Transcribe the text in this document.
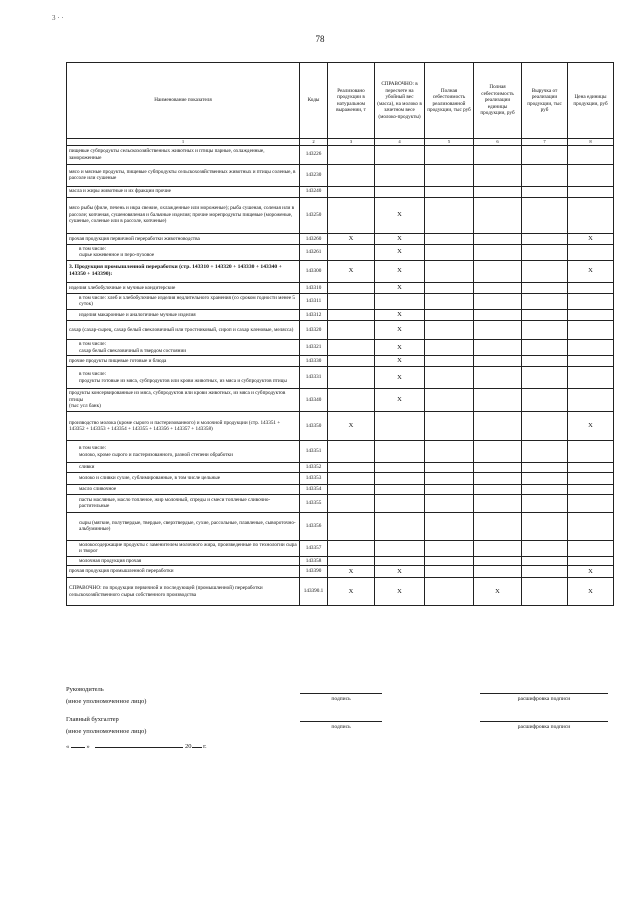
3 · ·
78
Наименование показателя	Коды	Реализовано продукции в натуральном выражении, т	СПРАВОЧНО: в пересчете на убойный вес (масса), на молоко в зачетном весе (молоко-продукты)	Полная себестоимость реализованной продукции, тыс руб	Полная себестоимость реализации единицы продукции, руб	Выручка от реализации продукции, тыс руб	Цена единицы продукции, руб
1	2	3	4	5	6	7	8
пищевые субпродукты сельскохозяйственных животных и птицы парные, охлажденные, замороженные	143226						
мясо и мясные продукты, пищевые субпродукты сельскохозяйственных животных и птицы соленые, в рассоле или сушеные	143230						
масла и жиры животные и их фракции прочие	143240						
мясо рыбы (филе, печень и икра свежие, охлажденные или мороженые); рыба сушеная, соленая или в рассоле; копченая, сушеновяленая и бальчные изделия; прочие морепродукты пищевые (мороженые, сушеные, соленые или в рассоле, копченые)	143250		X				
прочая продукция первичной переработки животноводства	143260	X	X				X
в том числе:
сырье кожевенное и перо-пуховое	143261		X				
3. Продукция промышленной переработки (стр. 143310 + 143320 + 143330 + 143340 + 143350 + 143390):	143300	X	X				X
изделия хлебобулочные и мучные кондитерские	143310		X				
в том числе: хлеб и хлебобулочные изделия недлительного хранения (со сроком годности менее 5 суток)	143311						
изделия макаронные и аналогичные мучные изделия	143312		X				
сахар (сахар-сырец, сахар белый свекловичный или тростниковый, сироп и сахар кленовые, мелясса)	143320		X				
в том числе:
сахар белый свекловичный в твердом состоянии	143321		X				
прочие продукты пищевые готовые и блюда	143330		X				
в том числе:
продукты готовые из мяса, субпродуктов или крови животных, из мяса и субпродуктов птицы	143331		X				
продукты консервированные из мяса, субпродуктов или крови животных, из мяса и субпродуктов птицы
(тыс усл банк)	143340		X				
производство молока (кроме сырого и пастеризованного) и молочной продукции (стр. 143351 + 143352 + 143353 + 143354 + 143355 + 143356 + 143357 + 143358)	143350	X					X
в том числе:
молоко, кроме сырого и пастеризованного, разной степени обработки	143351						
сливки	143352						
молоко и сливки сухие, сублимированные, в том числе цельные	143353						
масло сливочное	143354						
пасты масляные, масло топленое, жир молочный, спреды и смеси топленые сливочно-растительные	143355						
сыры (мягкие, полутвердые, твердые, сверхтвердые, сухие, рассольные, плавленые, сывороточно-альбуминные)	143356						
молокосодержащие продукты с заменителем молочного жира, произведенные по технологии сыра и творог	143357						
молочная продукция прочая	143358						
прочая продукция промышленной переработки	143390	X	X				X
СПРАВОЧНО: по продукции первичной и последующей (промышленной) переработки сельскохозяйственного сырья собственного производства	143390.1	X	X		X		X
Руководитель
(иное уполномоченное лицо)	подпись	расшифровка подписи
Главный бухгалтер
(иное уполномоченное лицо)
подпись	расшифровка подписи
«	»	20 г.
